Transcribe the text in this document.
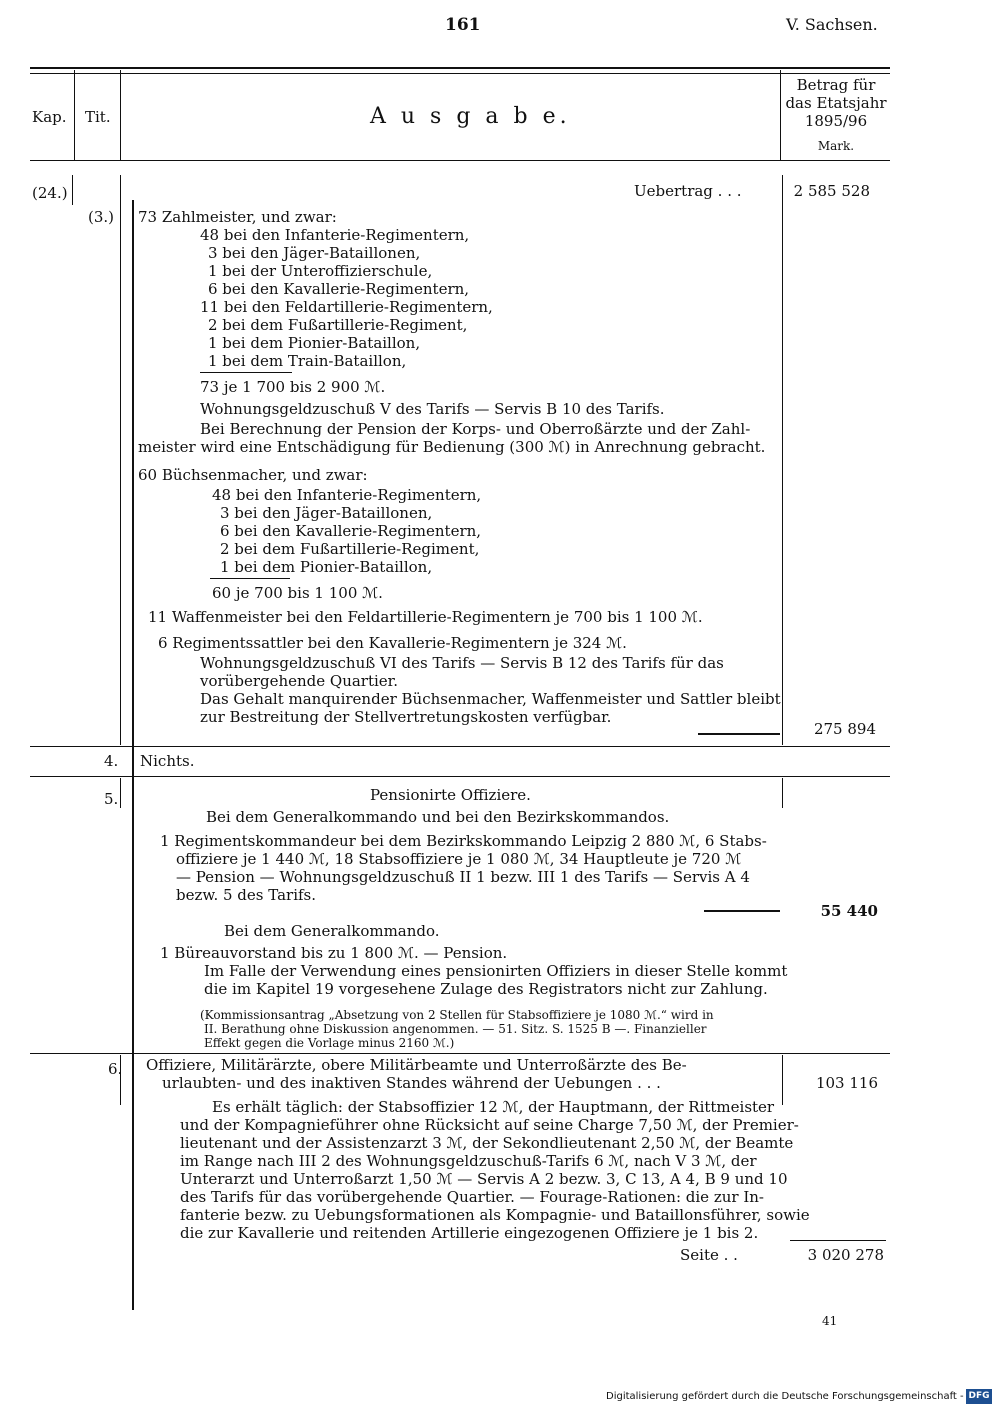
161	V. Sachsen.
Kap. Tit.	A u s g a b e.
Betrag für
das Etatsjahr
1895/96
Mark.
(24.)	Uebertrag . . .	2 585 528
(3.) 73 Zahlmeister, und zwar:
48 bei den Infanterie-Regimentern,
3 bei den Jäger-Bataillonen,
1 bei der Unteroffizierschule,
6 bei den Kavallerie-Regimentern,
11 bei den Feldartillerie-Regimentern,
2 bei dem Fußartillerie-Regiment,
1 bei dem Pionier-Bataillon,
1 bei dem Train-Bataillon,
73 je 1 700 bis 2 900 ℳ.
Wohnungsgeldzuschuß V des Tarifs — Servis B 10 des Tarifs.
Bei Berechnung der Pension der Korps- und Oberroßärzte und der Zahl-
meister wird eine Entschädigung für Bedienung (300 ℳ) in Anrechnung gebracht.
60 Büchsenmacher, und zwar:
48 bei den Infanterie-Regimentern,
3 bei den Jäger-Bataillonen,
6 bei den Kavallerie-Regimentern,
2 bei dem Fußartillerie-Regiment,
1 bei dem Pionier-Bataillon,
60 je 700 bis 1 100 ℳ.
11 Waffenmeister bei den Feldartillerie-Regimentern je 700 bis 1 100 ℳ.
6 Regimentssattler bei den Kavallerie-Regimentern je 324 ℳ.
Wohnungsgeldzuschuß VI des Tarifs — Servis B 12 des Tarifs für das
vorübergehende Quartier.
Das Gehalt manquirender Büchsenmacher, Waffenmeister und Sattler bleibt
zur Bestreitung der Stellvertretungskosten verfügbar.
275 894
4. Nichts.
5.	Pensionirte Offiziere.
Bei dem Generalkommando und bei den Bezirkskommandos.
1 Regimentskommandeur bei dem Bezirkskommando Leipzig 2 880 ℳ, 6 Stabs-
offiziere je 1 440 ℳ, 18 Stabsoffiziere je 1 080 ℳ, 34 Hauptleute je 720 ℳ
— Pension — Wohnungsgeldzuschuß II 1 bezw. III 1 des Tarifs — Servis A 4
bezw. 5 des Tarifs.
55 440
Bei dem Generalkommando.
1 Büreauvorstand bis zu 1 800 ℳ. — Pension.
Im Falle der Verwendung eines pensionirten Offiziers in dieser Stelle kommt
die im Kapitel 19 vorgesehene Zulage des Registrators nicht zur Zahlung.
(Kommissionsantrag „Absetzung von 2 Stellen für Stabsoffiziere je 1080 ℳ.“ wird in
II. Berathung ohne Diskussion angenommen. — 51. Sitz. S. 1525 B —. Finanzieller
Effekt gegen die Vorlage minus 2160 ℳ.)
6. Offiziere, Militärärzte, obere Militärbeamte und Unterroßärzte des Be-
urlaubten- und des inaktiven Standes während der Uebungen . . .	103 116
Es erhält täglich: der Stabsoffizier 12 ℳ, der Hauptmann, der Rittmeister
und der Kompagnieführer ohne Rücksicht auf seine Charge 7,50 ℳ, der Premier-
lieutenant und der Assistenzarzt 3 ℳ, der Sekondlieutenant 2,50 ℳ, der Beamte
im Range nach III 2 des Wohnungsgeldzuschuß-Tarifs 6 ℳ, nach V 3 ℳ, der
Unterarzt und Unterroßarzt 1,50 ℳ — Servis A 2 bezw. 3, C 13, A 4, B 9 und 10
des Tarifs für das vorübergehende Quartier. — Fourage-Rationen: die zur In-
fanterie bezw. zu Uebungsformationen als Kompagnie- und Bataillonsführer, sowie
die zur Kavallerie und reitenden Artillerie eingezogenen Offiziere je 1 bis 2.
Seite . .	3 020 278
41
Digitalisierung gefördert durch die Deutsche Forschungsgemeinschaft - DFG
